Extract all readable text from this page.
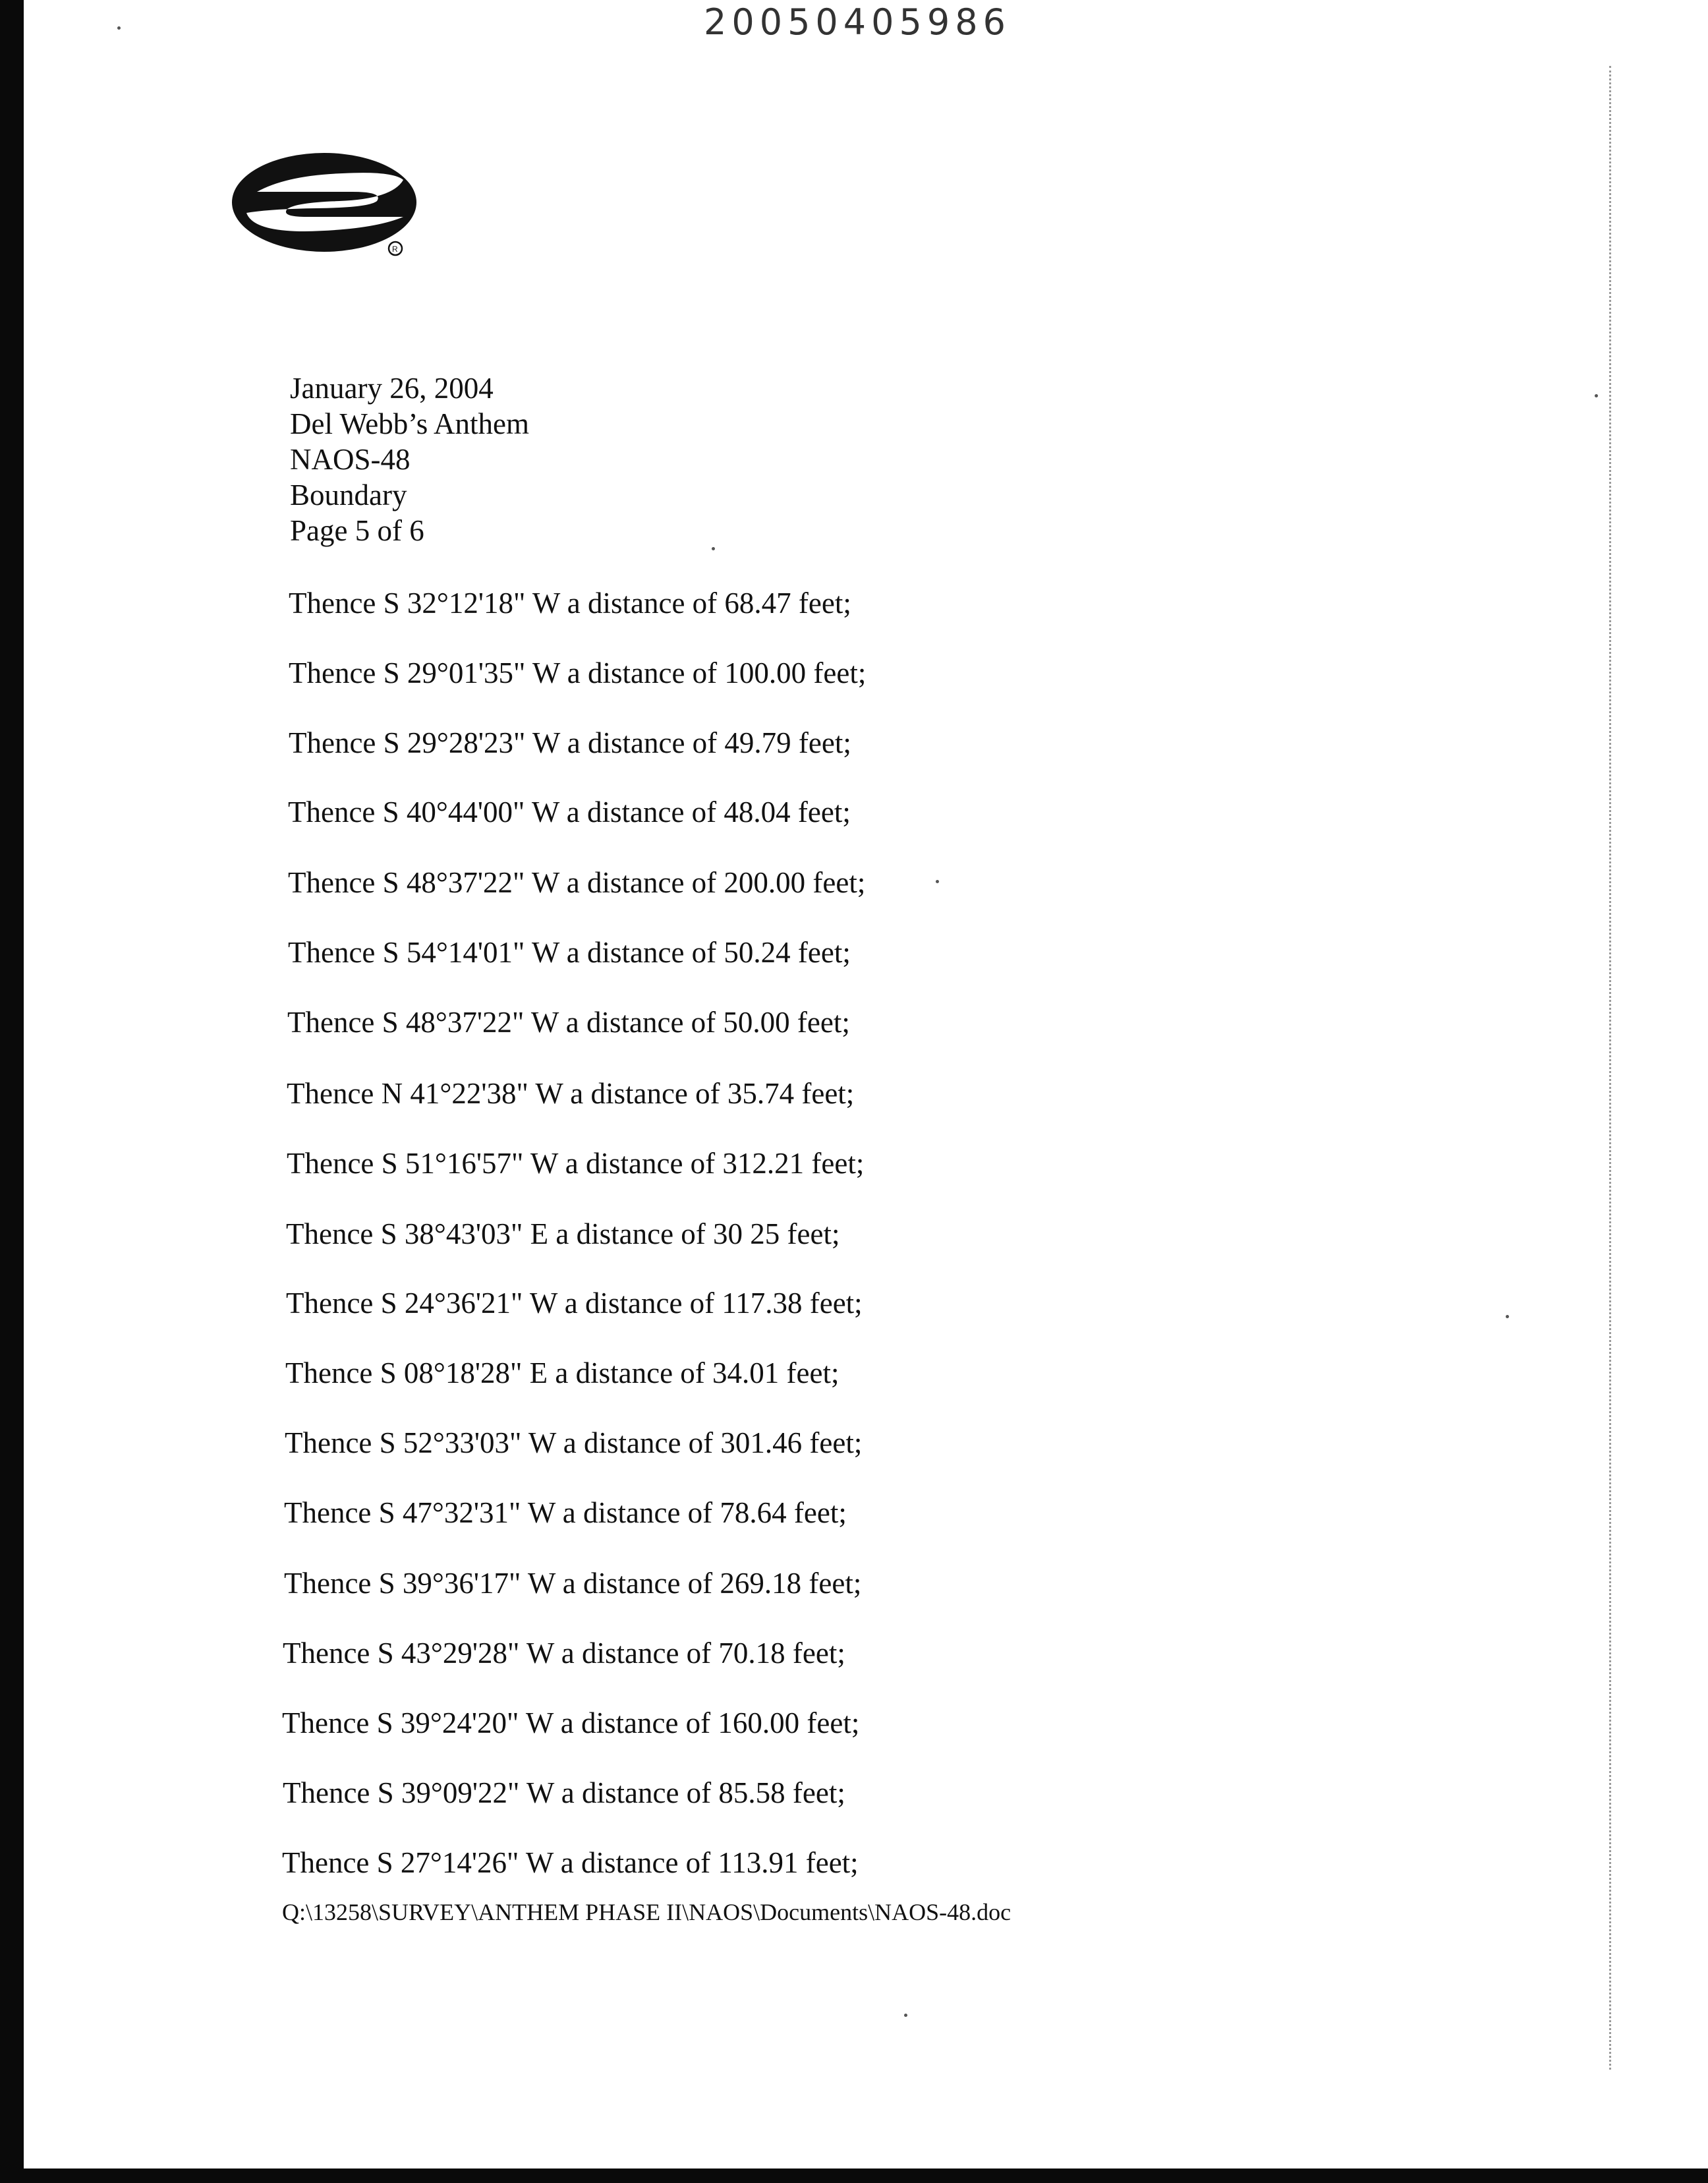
20050405986
R
January 26, 2004
Del Webb’s Anthem
NAOS-48
Boundary
Page 5 of 6
Thence S 32°12'18" W a distance of 68.47 feet;
Thence S 29°01'35" W a distance of 100.00 feet;
Thence S 29°28'23" W a distance of 49.79 feet;
Thence S 40°44'00" W a distance of 48.04 feet;
Thence S 48°37'22" W a distance of 200.00 feet;
Thence S 54°14'01" W a distance of 50.24 feet;
Thence S 48°37'22" W a distance of 50.00 feet;
Thence N 41°22'38" W a distance of 35.74 feet;
Thence S 51°16'57" W a distance of 312.21 feet;
Thence S 38°43'03" E a distance of 30 25 feet;
Thence S 24°36'21" W a distance of 117.38 feet;
Thence S 08°18'28" E a distance of 34.01 feet;
Thence S 52°33'03" W a distance of 301.46 feet;
Thence S 47°32'31" W a distance of 78.64 feet;
Thence S 39°36'17" W a distance of 269.18 feet;
Thence S 43°29'28" W a distance of 70.18 feet;
Thence S 39°24'20" W a distance of 160.00 feet;
Thence S 39°09'22" W a distance of 85.58 feet;
Thence S 27°14'26" W a distance of 113.91 feet;
Q:\13258\SURVEY\ANTHEM PHASE II\NAOS\Documents\NAOS-48.doc
